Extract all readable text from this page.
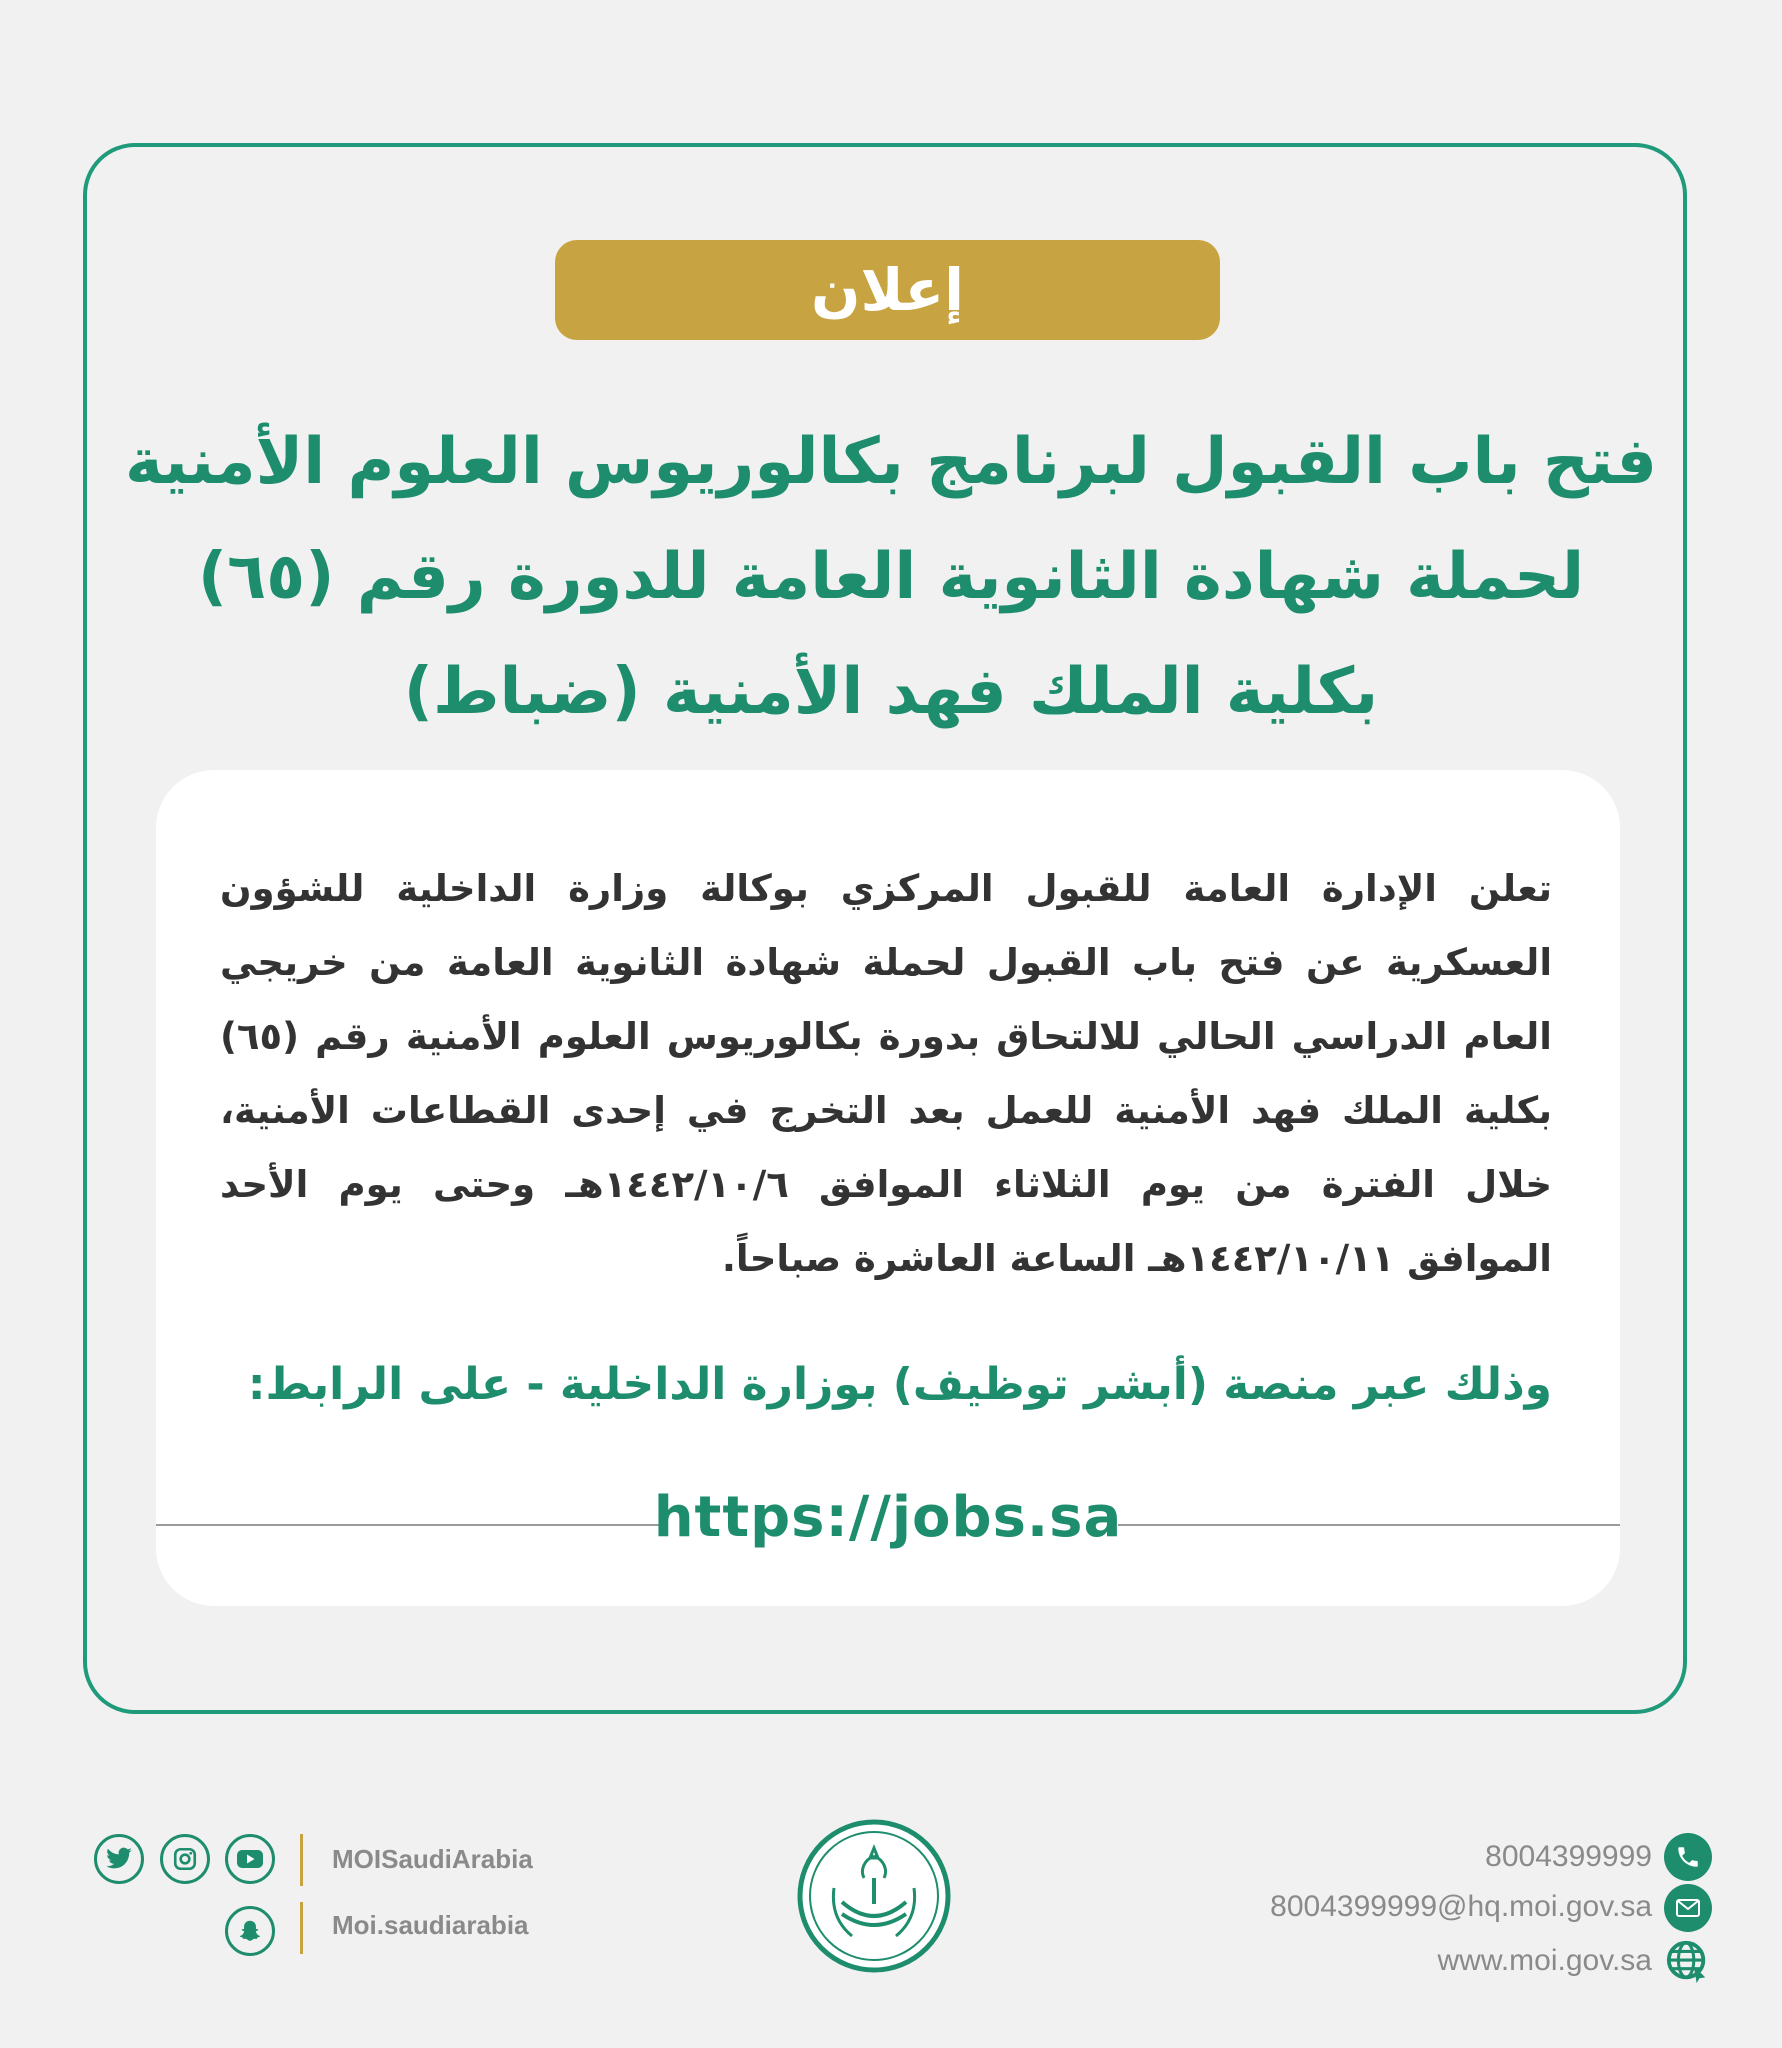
إعلان
فتح باب القبول لبرنامج بكالوريوس العلوم الأمنية
لحملة شهادة الثانوية العامة للدورة رقم (٦٥)
بكلية الملك فهد الأمنية (ضباط)
تعلن الإدارة العامة للقبول المركزي بوكالة وزارة الداخلية للشؤون العسكرية عن فتح باب القبول لحملة شهادة الثانوية العامة من خريجي العام الدراسي الحالي للالتحاق بدورة بكالوريوس العلوم الأمنية رقم (٦٥) بكلية الملك فهد الأمنية للعمل بعد التخرج في إحدى القطاعات الأمنية، خلال الفترة من يوم الثلاثاء الموافق ١٤٤٢/١٠/٦هـ وحتى يوم الأحد الموافق ١٤٤٢/١٠/١١هـ الساعة العاشرة صباحاً.
وذلك عبر منصة (أبشر توظيف) بوزارة الداخلية - على الرابط:
https://jobs.sa
MOISaudiArabia
Moi.saudiarabia
8004399999
8004399999@hq.moi.gov.sa
www.moi.gov.sa
